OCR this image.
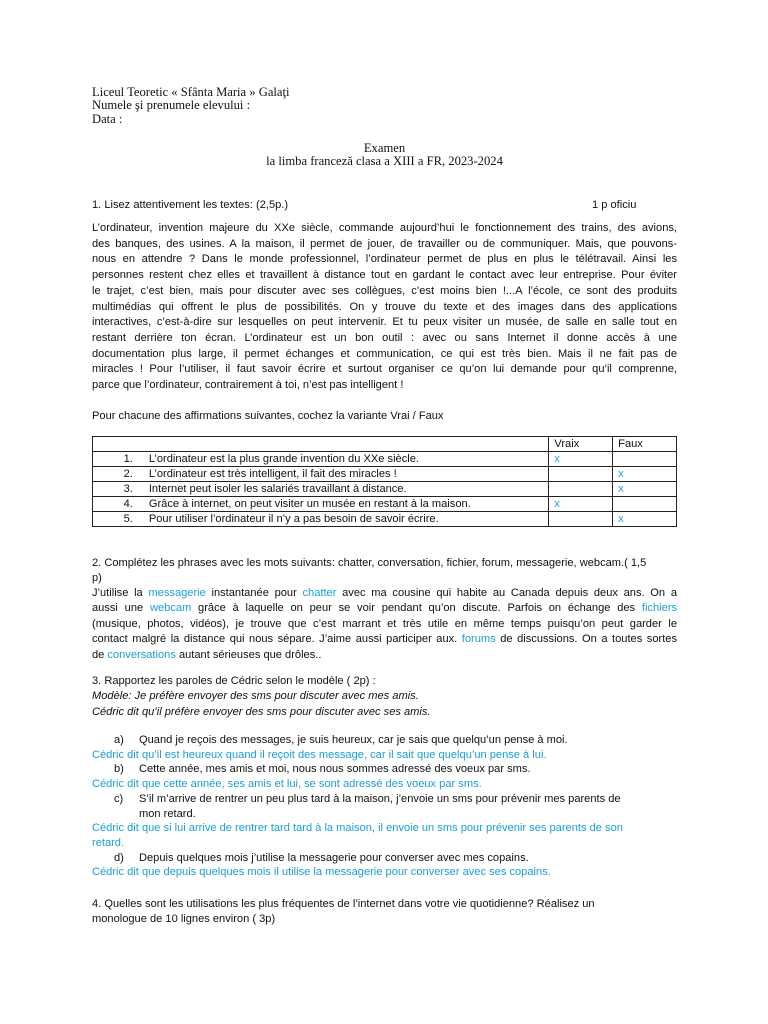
Liceul Teoretic « Sfânta Maria » Galaţi
Numele şi prenumele elevului :
Data :
Examen
la limba franceză clasa a XIII a FR, 2023-2024
1. Lisez attentivement les textes: (2,5p.)	1 p oficiu
L’ordinateur, invention majeure du XXe siècle, commande aujourd’hui le fonctionnement des trains, des avions,
des banques, des usines. A la maison, il permet de jouer, de travailler ou de communiquer. Mais, que pouvons-
nous en attendre ? Dans le monde professionnel, l’ordinateur permet de plus en plus le télétravail. Ainsi les
personnes restent chez elles et travaillent à distance tout en gardant le contact avec leur entreprise. Pour éviter
le trajet, c’est bien, mais pour discuter avec ses collègues, c’est moins bien !...A l’école, ce sont des produits
multimédias qui offrent le plus de possibilités. On y trouve du texte et des images dans des applications
interactives, c’est-à-dire sur lesquelles on peut intervenir. Et tu peux visiter un musée, de salle en salle tout en
restant derrière ton écran. L’ordinateur est un bon outil : avec ou sans Internet il donne accès à une
documentation plus large, il permet échanges et communication, ce qui est très bien. Mais il ne fait pas de
miracles ! Pour l’utiliser, il faut savoir écrire et surtout organiser ce qu’on lui demande pour qu’il comprenne,
parce que l’ordinateur, contrairement à toi, n’est pas intelligent !
Pour chacune des affirmations suivantes, cochez la variante Vrai / Faux
		Vraix	Faux
1.	L’ordinateur est la plus grande invention du XXe siècle.	x	
2.	L’ordinateur est très intelligent, il fait des miracles !		x
3.	Internet peut isoler les salariés travaillant à distance.		x
4.	Grâce à internet, on peut visiter un musée en restant à la maison.	x	
5.	Pour utiliser l’ordinateur il n’y a pas besoin de savoir écrire.		x
2. Complétez les phrases avec les mots suivants: chatter, conversation, fichier, forum, messagerie, webcam.( 1,5
p)
J’utilise la messagerie instantanée pour chatter avec ma cousine qui habite au Canada depuis deux ans. On a
aussi une webcam grâce à laquelle on peur se voir pendant qu’on discute. Parfois on échange des fichiers
(musique, photos, vidéos), je trouve que c’est marrant et très utile en même temps puisqu’on peut garder le
contact malgré la distance qui nous sépare. J’aime aussi participer aux. forums de discussions. On a toutes sortes
de conversations autant sérieuses que drôles..
3. Rapportez les paroles de Cédric selon le modèle ( 2p) :
Modèle: Je préfère envoyer des sms pour discuter avec mes amis.
Cédric dit qu’il préfère envoyer des sms pour discuter avec ses amis.
a) Quand je reçois des messages, je suis heureux, car je sais que quelqu’un pense à moi.
Cédric dit qu’il est heureux quand il reçoit des message, car il sait que quelqu’un pense à lui.
b) Cette année, mes amis et moi, nous nous sommes adressé des voeux par sms.
Cédric dit que cette année, ses amis et lui, se sont adressé des voeux par sms.
c) S’il m’arrive de rentrer un peu plus tard à la maison, j’envoie un sms pour prévenir mes parents de
mon retard.
Cédric dit que si lui arrive de rentrer tard tard à la maison, il envoie un sms pour prévenir ses parents de son
retard.
d) Depuis quelques mois j’utilise la messagerie pour converser avec mes copains.
Cédric dit que depuis quelques mois il utilise la messagerie pour converser avec ses copains.
4. Quelles sont les utilisations les plus fréquentes de l’internet dans votre vie quotidienne? Réalisez un
monologue de 10 lignes environ ( 3p)
